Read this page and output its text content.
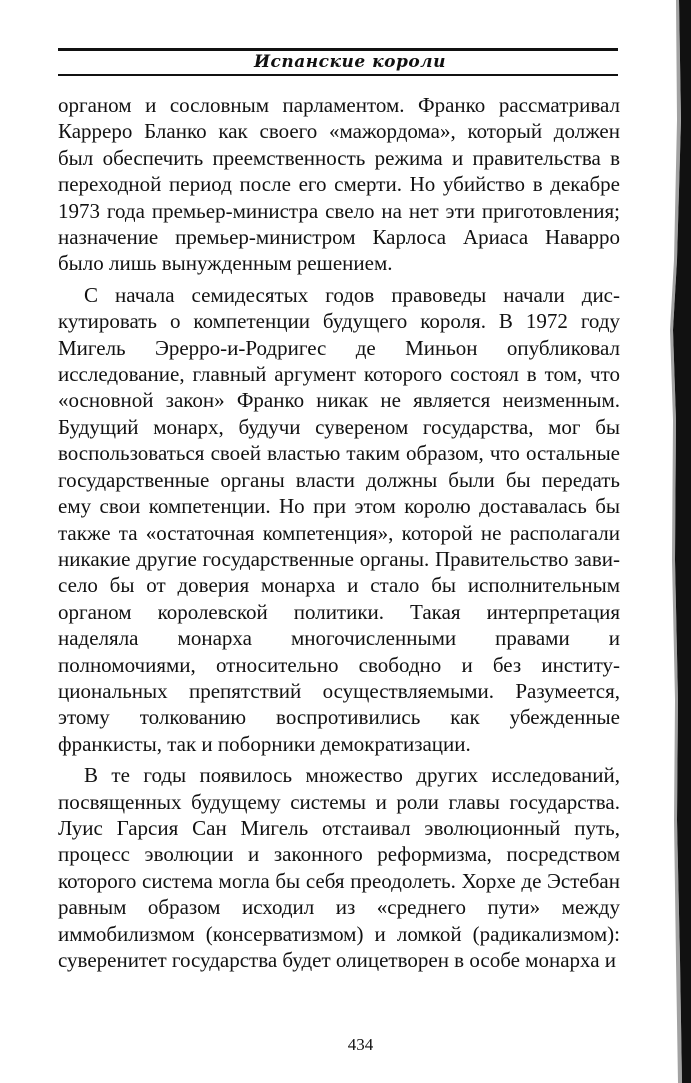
Испанские короли

органом и сословным парламентом. Франко рассматривал Карреро Бланко как своего «мажордома», который должен был обеспечить преемственность режима и правительства в переходной период после его смерти. Но убийство в декабре 1973 года премьер-министра свело на нет эти приготовления; назначение премьер-министром Карлоса Ариаса Наварро было лишь вынужденным решением.

С начала семидесятых годов правоведы начали дискутировать о компетенции будущего короля. В 1972 году Мигель Эрерро-и-Родригес де Миньон опубликовал исследование, главный аргумент которого состоял в том, что «основной закон» Франко никак не является неизменным. Будущий монарх, будучи сувереном государства, мог бы воспользоваться своей властью таким образом, что остальные государственные органы власти должны были бы передать ему свои компетенции. Но при этом королю доставалась бы также та «остаточная компетенция», которой не располагали никакие другие государственные органы. Правительство зависело бы от доверия монарха и стало бы исполнительным органом королевской политики. Такая интерпретация наделяла монарха многочисленными правами и полномочиями, относительно свободно и без институциональных препятствий осуществляемыми. Разумеется, этому толкованию воспротивились как убежденные франкисты, так и поборники демократизации.

В те годы появилось множество других исследований, посвященных будущему системы и роли главы государства. Луис Гарсия Сан Мигель отстаивал эволюционный путь, процесс эволюции и законного реформизма, посредством которого система могла бы себя преодолеть. Хорхе де Эстебан равным образом исходил из «среднего пути» между иммобилизмом (консерватизмом) и ломкой (радикализмом): суверенитет государства будет олицетворен в особе монарха и

434
